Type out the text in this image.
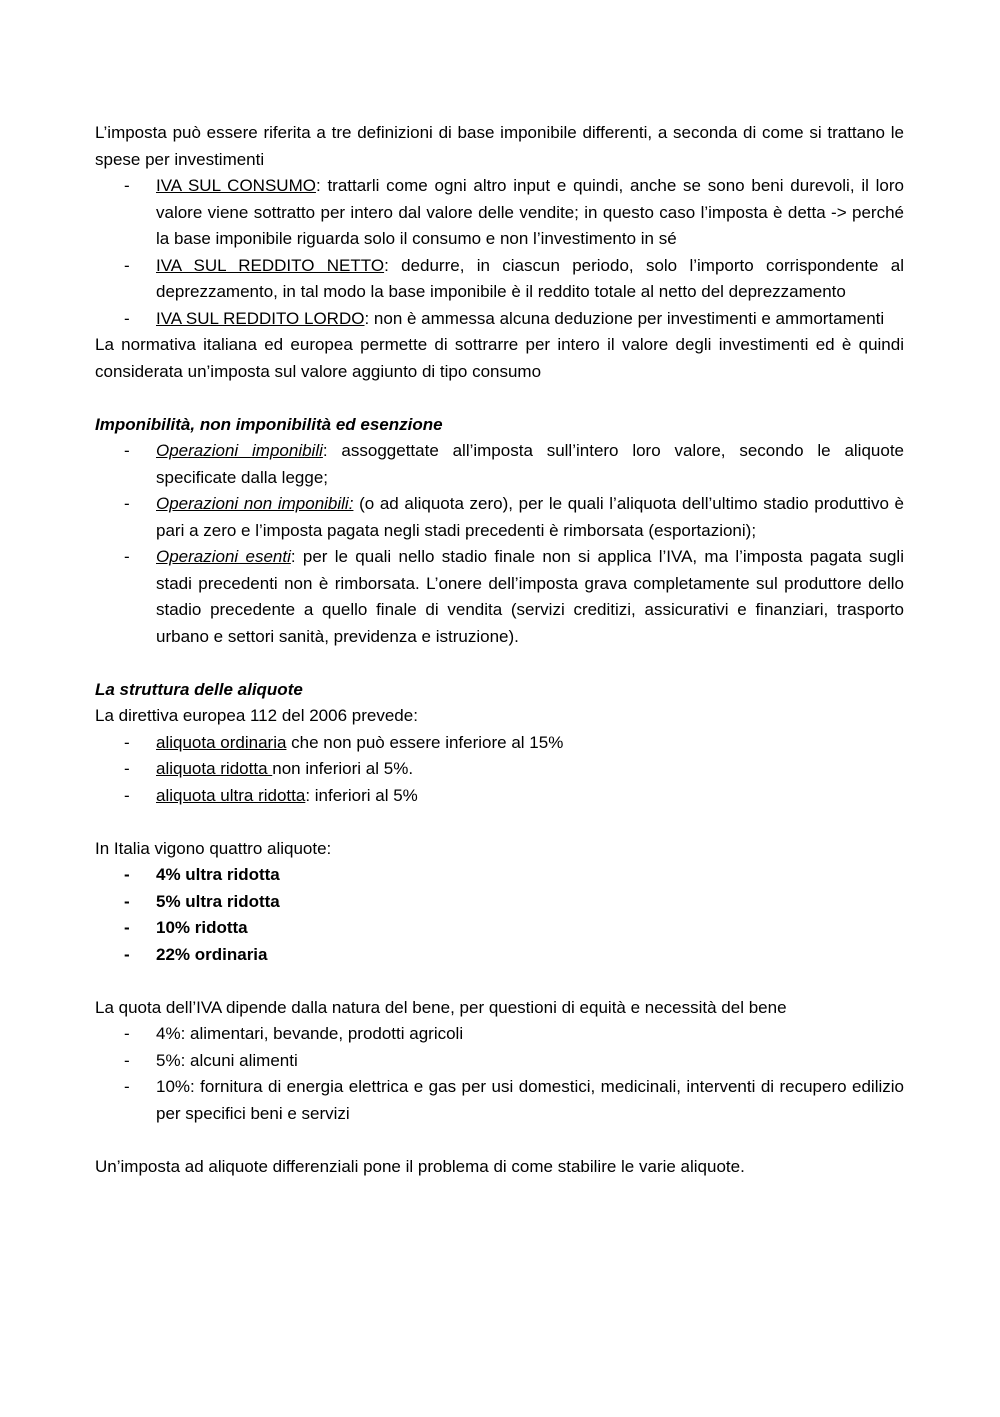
L’imposta può essere riferita a tre definizioni di base imponibile differenti, a seconda di come si trattano le spese per investimenti

- IVA SUL CONSUMO: trattarli come ogni altro input e quindi, anche se sono beni durevoli, il loro valore viene sottratto per intero dal valore delle vendite; in questo caso l’imposta è detta -> perché la base imponibile riguarda solo il consumo e non l’investimento in sé
- IVA SUL REDDITO NETTO: dedurre, in ciascun periodo, solo l’importo corrispondente al deprezzamento, in tal modo la base imponibile è il reddito totale al netto del deprezzamento
- IVA SUL REDDITO LORDO: non è ammessa alcuna deduzione per investimenti e ammortamenti

La normativa italiana ed europea permette di sottrarre per intero il valore degli investimenti ed è quindi considerata un’imposta sul valore aggiunto di tipo consumo

Imponibilità, non imponibilità ed esenzione

- Operazioni imponibili: assoggettate all’imposta sull’intero loro valore, secondo le aliquote specificate dalla legge;
- Operazioni non imponibili: (o ad aliquota zero), per le quali l’aliquota dell’ultimo stadio produttivo è pari a zero e l’imposta pagata negli stadi precedenti è rimborsata (esportazioni);
- Operazioni esenti: per le quali nello stadio finale non si applica l’IVA, ma l’imposta pagata sugli stadi precedenti non è rimborsata. L’onere dell’imposta grava completamente sul produttore dello stadio precedente a quello finale di vendita (servizi creditizi, assicurativi e finanziari, trasporto urbano e settori sanità, previdenza e istruzione).

La struttura delle aliquote

La direttiva europea 112 del 2006 prevede:

- aliquota ordinaria che non può essere inferiore al 15%
- aliquota ridotta non inferiori al 5%.
- aliquota ultra ridotta: inferiori al 5%

In Italia vigono quattro aliquote:

- 4% ultra ridotta
- 5% ultra ridotta
- 10% ridotta
- 22% ordinaria

La quota dell’IVA dipende dalla natura del bene, per questioni di equità e necessità del bene

- 4%: alimentari, bevande, prodotti agricoli
- 5%: alcuni alimenti
- 10%: fornitura di energia elettrica e gas per usi domestici, medicinali, interventi di recupero edilizio per specifici beni e servizi

Un’imposta ad aliquote differenziali pone il problema di come stabilire le varie aliquote.
